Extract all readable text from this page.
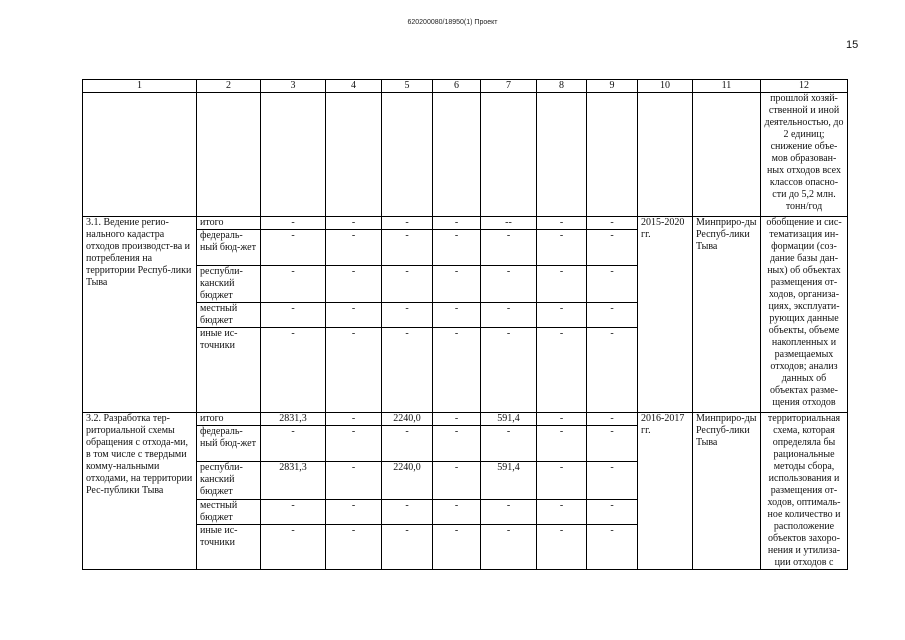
620200080/18950(1) Проект
15
1	2	3	4	5	6	7	8	9	10	11	12
											прошлой хозяй-ственной и иной деятельностью, до 2 единиц; снижение объе-мов образован-ных отходов всех классов опасно-сти до 5,2 млн. тонн/год
3.1. Ведение регио-нального кадастра отходов производст-ва и потребления на территории Респуб-лики Тыва	итого	-	-	-	-	--	-	-	2015-2020 гг.	Минприро-ды Респуб-лики Тыва	обобщение и сис-тематизация ин-формации (соз-дание базы дан-ных) об объектах размещения от-ходов, организа-циях, эксплуати-рующих данные объекты, объеме накопленных и размещаемых отходов; анализ данных об объектах разме-щения отходов
	федераль-ный бюд-жет	-	-	-	-	-	-	-			
	республи-канский бюджет	-	-	-	-	-	-	-			
	местный бюджет	-	-	-	-	-	-	-			
	иные ис-точники	-	-	-	-	-	-	-			
3.2. Разработка тер-риториальной схемы обращения с отхода-ми, в том числе с твердыми комму-нальными отходами, на территории Рес-публики Тыва	итого	2831,3	-	2240,0	-	591,4	-	-	2016-2017 гг.	Минприро-ды Респуб-лики Тыва	территориальная схема, которая определяла бы рациональные методы сбора, использования и размещения от-ходов, оптималь-ное количество и расположение объектов захоро-нения и утилиза-ции отходов с
	федераль-ный бюд-жет	-	-	-	-	-	-	-			
	республи-канский бюджет	2831,3	-	2240,0	-	591,4	-	-			
	местный бюджет	-	-	-	-	-	-	-			
	иные ис-точники	-	-	-	-	-	-	-			
